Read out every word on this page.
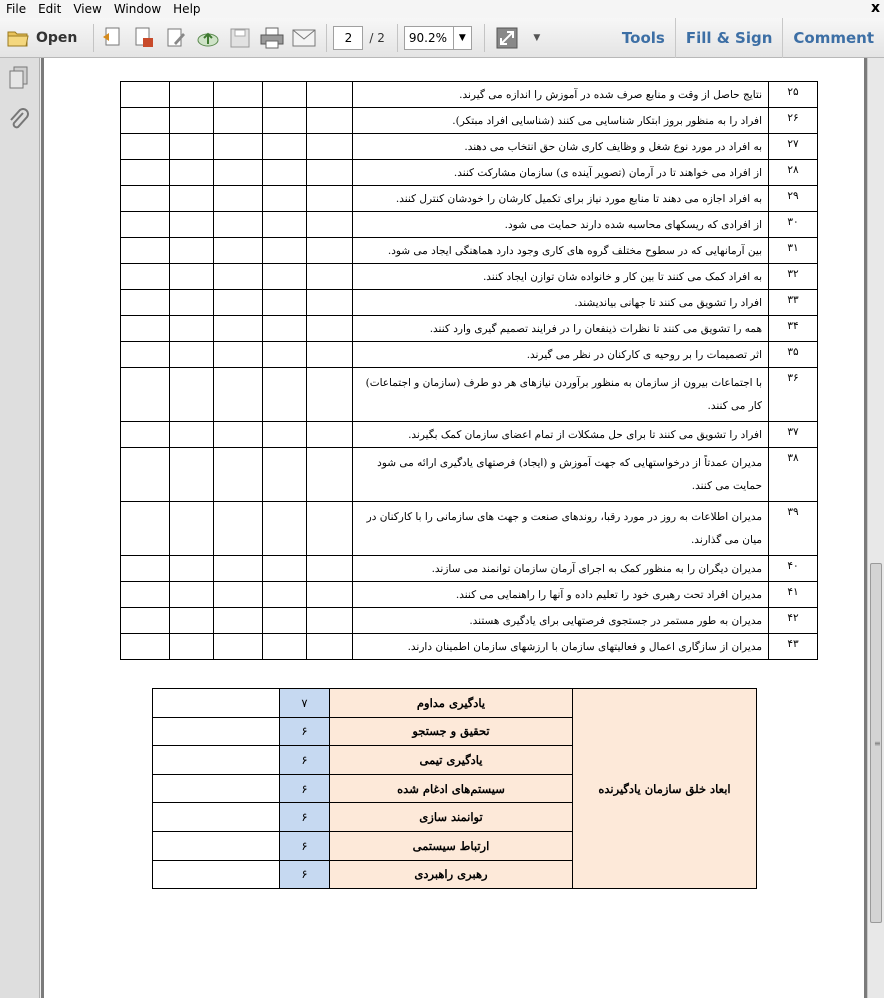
File	Edit	View	Window	Help	x
Open	2	/ 2	90.2%	▼	▼	Tools	Fill & Sign	Comment
۲۵	نتایج حاصل از وقت و منابع صرف شده در آموزش را اندازه می گیرند.					
۲۶	افراد را به منظور بروز ابتکار شناسایی می کنند (شناسایی افراد مبتکر).					
۲۷	به افراد در مورد نوع شغل و وظایف کاری شان حق انتخاب می دهند.					
۲۸	از افراد می خواهند تا در آرمان (تصویر آینده ی) سازمان مشارکت کنند.					
۲۹	به افراد اجازه می دهند تا منابع مورد نیاز برای تکمیل کارشان را خودشان کنترل کنند.					
۳۰	از افرادی که ریسکهای محاسبه شده دارند حمایت می شود.					
۳۱	بین آرمانهایی که در سطوح مختلف گروه های کاری وجود دارد هماهنگی ایجاد می شود.					
۳۲	به افراد کمک می کنند تا بین کار و خانواده شان توازن ایجاد کنند.					
۳۳	افراد را تشویق می کنند تا جهانی بیاندیشند.					
۳۴	همه را تشویق می کنند تا نظرات ذینفعان را در فرایند تصمیم گیری وارد کنند.					
۳۵	اثر تصمیمات را بر روحیه ی کارکنان در نظر می گیرند.					
۳۶	با اجتماعات بیرون از سازمان به منظور برآوردن نیازهای هر دو طرف (سازمان و اجتماعات) کار می کنند.					
۳۷	افراد را تشویق می کنند تا برای حل مشکلات از تمام اعضای سازمان کمک بگیرند.					
۳۸	مدیران عمدتاً از درخواستهایی که جهت آموزش و (ایجاد) فرصتهای یادگیری ارائه می شود حمایت می کنند.					
۳۹	مدیران اطلاعات به روز در مورد رقبا، روندهای صنعت و جهت های سازمانی را با کارکنان در میان می گذارند.					
۴۰	مدیران دیگران را به منظور کمک به اجرای آرمان سازمان توانمند می سازند.					
۴۱	مدیران افراد تحت رهبری خود را تعلیم داده و آنها را راهنمایی می کنند.					
۴۲	مدیران به طور مستمر در جستجوی فرصتهایی برای یادگیری هستند.					
۴۳	مدیران از سازگاری اعمال و فعالیتهای سازمان با ارزشهای سازمان اطمینان دارند.					
ابعاد خلق سازمان یادگیرنده	یادگیری مداوم	۷	
	تحقیق و جستجو	۶	
	یادگیری تیمی	۶	
	سیستم‌های ادغام شده	۶	
	توانمند سازی	۶	
	ارتباط سیستمی	۶	
	رهبری راهبردی	۶	
≡
